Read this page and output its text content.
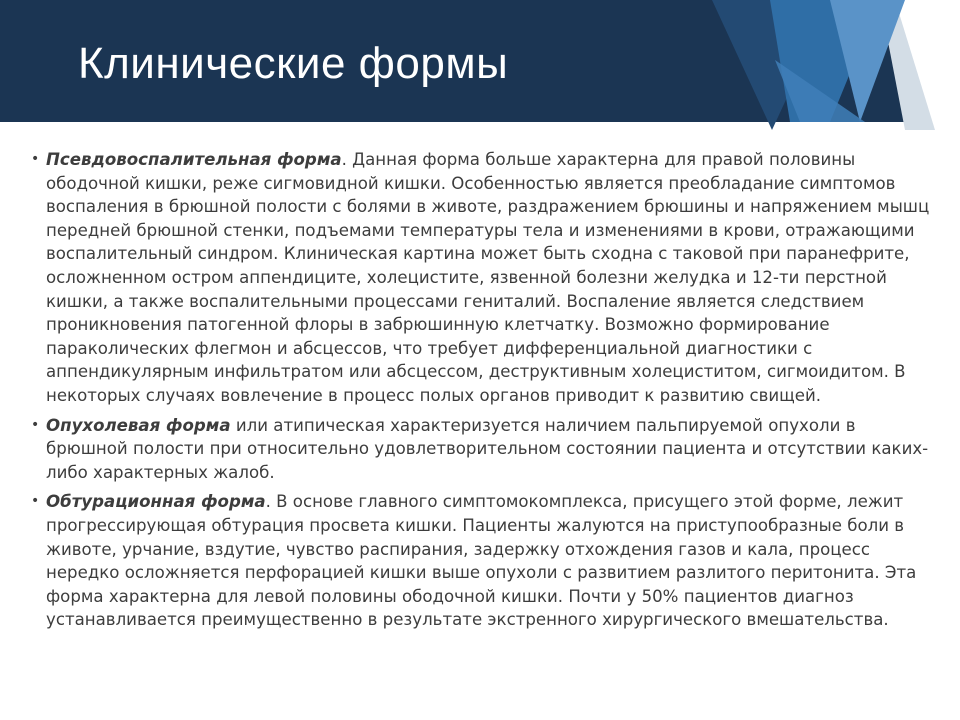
Клинические формы
• Псевдовоспалительная форма. Данная форма больше характерна для правой половины ободочной кишки, реже сигмовидной кишки. Особенностью является преобладание симптомов воспаления в брюшной полости с болями в животе, раздражением брюшины и напряжением мышц передней брюшной стенки, подъемами температуры тела и изменениями в крови, отражающими воспалительный синдром. Клиническая картина может быть сходна с таковой при паранефрите, осложненном остром аппендиците, холецистите, язвенной болезни желудка и 12-ти перстной кишки, а также воспалительными процессами гениталий. Воспаление является следствием проникновения патогенной флоры в забрюшинную клетчатку. Возможно формирование параколических флегмон и абсцессов, что требует дифференциальной диагностики с аппендикулярным инфильтратом или абсцессом, деструктивным холециститом, сигмоидитом. В некоторых случаях вовлечение в процесс полых органов приводит к развитию свищей.
• Опухолевая форма или атипическая характеризуется наличием пальпируемой опухоли в брюшной полости при относительно удовлетворительном состоянии пациента и отсутствии каких-либо характерных жалоб.
• Обтурационная форма. В основе главного симптомокомплекса, присущего этой форме, лежит прогрессирующая обтурация просвета кишки. Пациенты жалуются на приступообразные боли в животе, урчание, вздутие, чувство распирания, задержку отхождения газов и кала, процесс нередко осложняется перфорацией кишки выше опухоли с развитием разлитого перитонита. Эта форма характерна для левой половины ободочной кишки. Почти у 50% пациентов диагноз устанавливается преимущественно в результате экстренного хирургического вмешательства.
